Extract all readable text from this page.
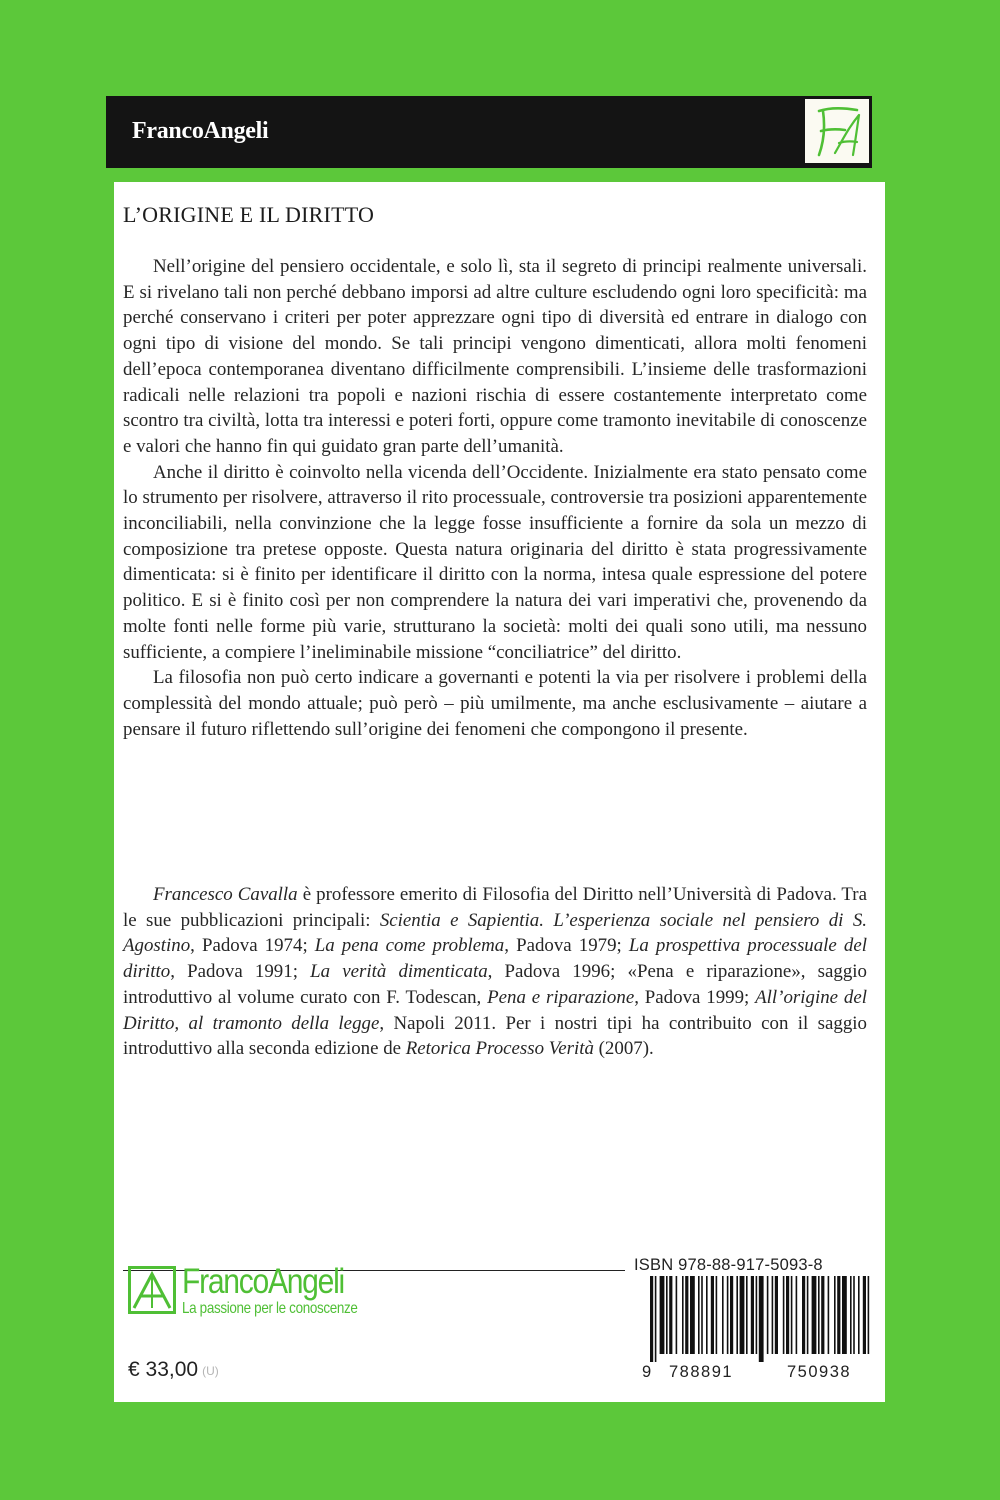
FrancoAngeli
L’ORIGINE E IL DIRITTO

Nell’origine del pensiero occidentale, e solo lì, sta il segreto di principi realmente universali. E si rivelano tali non perché debbano imporsi ad altre culture escludendo ogni loro specificità: ma perché conservano i criteri per poter apprezzare ogni tipo di diversità ed entrare in dialogo con ogni tipo di visione del mondo. Se tali principi vengono dimenticati, allora molti fenomeni dell’epoca contemporanea diventano difficilmente comprensibili. L’insieme delle trasformazioni radicali nelle relazioni tra popoli e nazioni rischia di essere costantemente interpretato come scontro tra civiltà, lotta tra interessi e poteri forti, oppure come tramonto inevitabile di conoscenze e valori che hanno fin qui guidato gran parte dell’umanità.

Anche il diritto è coinvolto nella vicenda dell’Occidente. Inizialmente era stato pensato come lo strumento per risolvere, attraverso il rito processuale, controversie tra posizioni apparentemente inconciliabili, nella convinzione che la legge fosse insufficiente a fornire da sola un mezzo di composizione tra pretese opposte. Questa natura originaria del diritto è stata progressivamente dimenticata: si è finito per identificare il diritto con la norma, intesa quale espressione del potere politico. E si è finito così per non comprendere la natura dei vari imperativi che, provenendo da molte fonti nelle forme più varie, strutturano la società: molti dei quali sono utili, ma nessuno sufficiente, a compiere l’ineliminabile missione “conciliatrice” del diritto.

La filosofia non può certo indicare a governanti e potenti la via per risolvere i problemi della complessità del mondo attuale; può però – più umilmente, ma anche esclusivamente – aiutare a pensare il futuro riflettendo sull’origine dei fenomeni che compongono il presente.

Francesco Cavalla è professore emerito di Filosofia del Diritto nell’Università di Padova. Tra le sue pubblicazioni principali: Scientia e Sapientia. L’esperienza sociale nel pensiero di S. Agostino, Padova 1974; La pena come problema, Padova 1979; La prospettiva processuale del diritto, Padova 1991; La verità dimenticata, Padova 1996; «Pena e riparazione», saggio introduttivo al volume curato con F. Todescan, Pena e riparazione, Padova 1999; All’origine del Diritto, al tramonto della legge, Napoli 2011. Per i nostri tipi ha contribuito con il saggio introduttivo alla seconda edizione de Retorica Processo Verità (2007).
FrancoAngeli
La passione per le conoscenze
€ 33,00 (U)
ISBN 978-88-917-5093-8
9 788891	750938
